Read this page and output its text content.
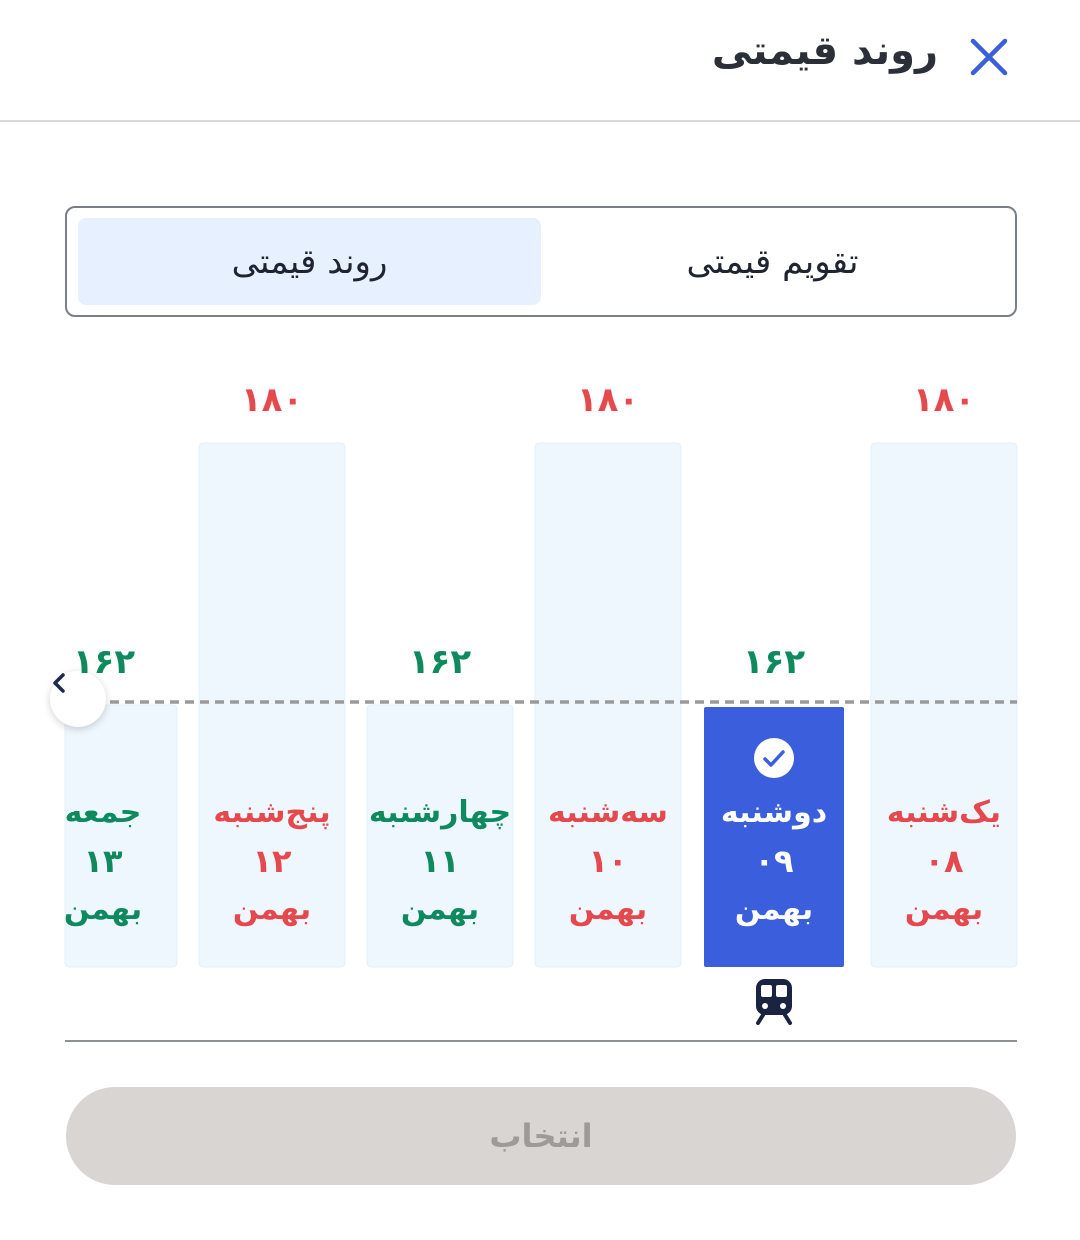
روند قیمتی
روند قیمتی	تقویم قیمتی
۱۸۰
یک‌شنبه
۰۸
بهمن
۱۶۲
دوشنبه
۰۹
بهمن
۱۸۰
سه‌شنبه
۱۰
بهمن
۱۶۲
چهارشنبه
۱۱
بهمن
۱۸۰
پنج‌شنبه
۱۲
بهمن
۱۶۲
جمعه
۱۳
بهمن
انتخاب
